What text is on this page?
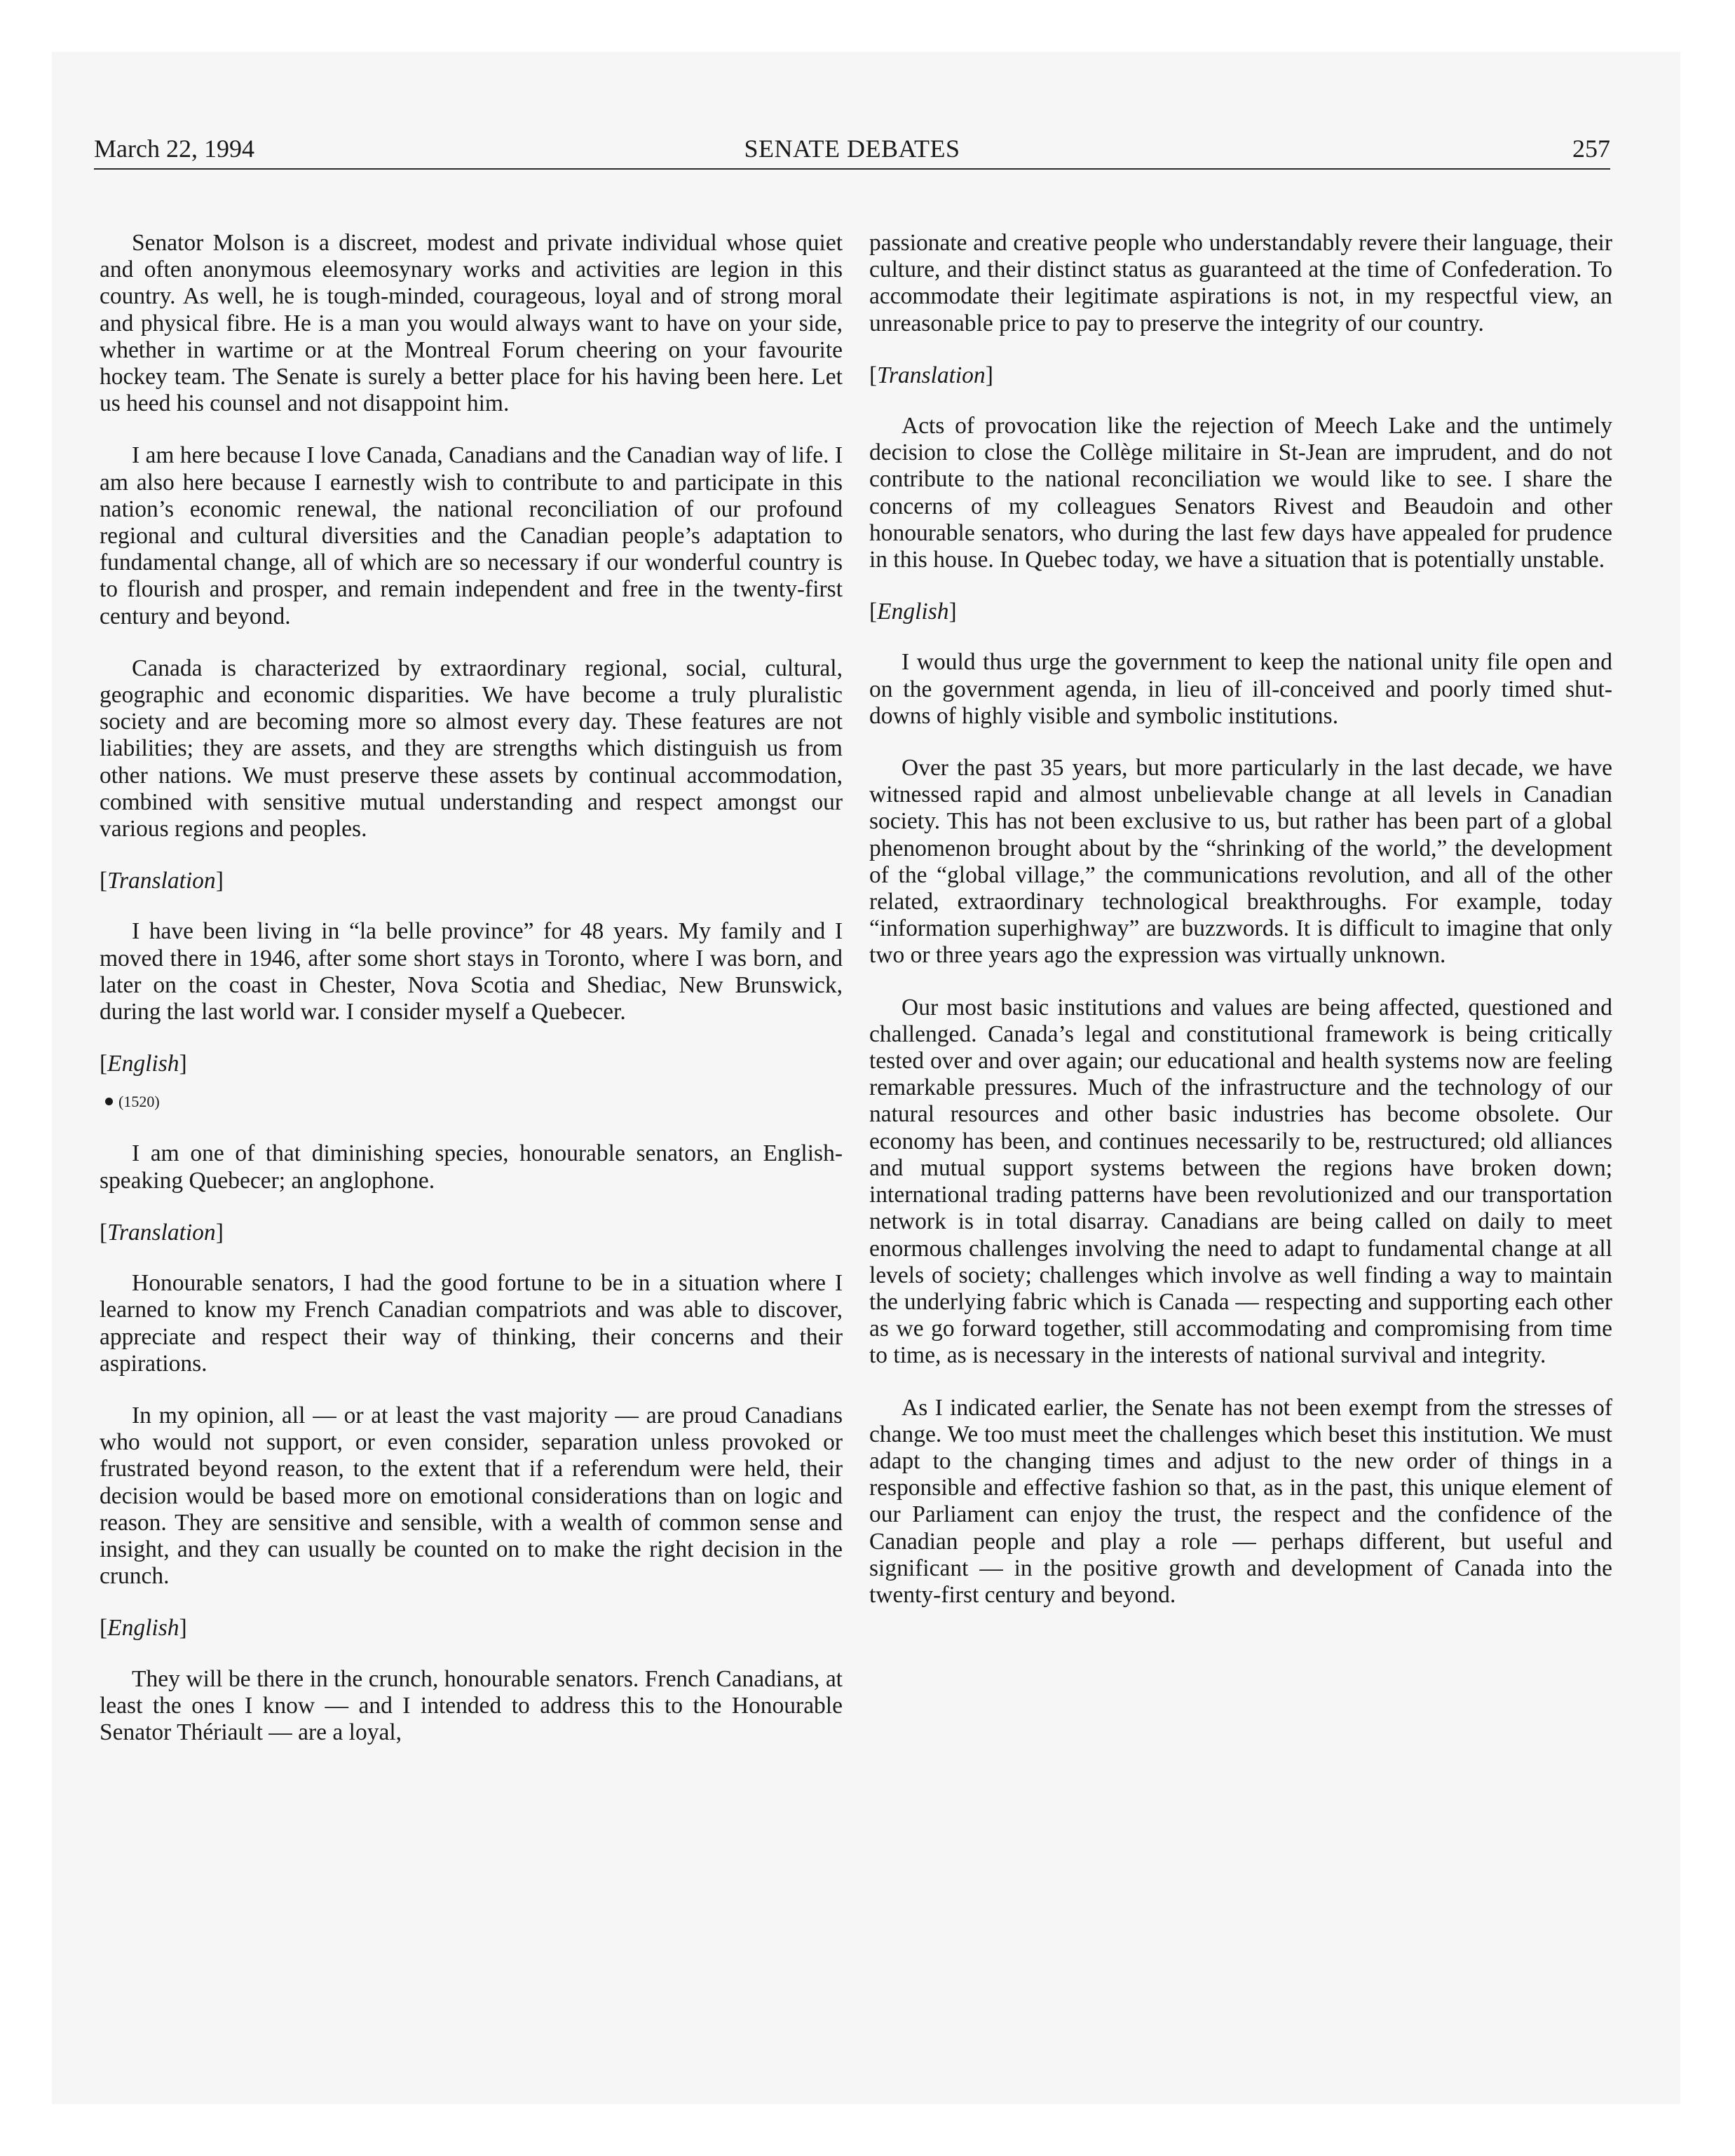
March 22, 1994	SENATE DEBATES	257

Senator Molson is a discreet, modest and private individual whose quiet and often anonymous eleemosynary works and activities are legion in this country. As well, he is tough-minded, courageous, loyal and of strong moral and physical fibre. He is a man you would always want to have on your side, whether in wartime or at the Montreal Forum cheering on your favourite hockey team. The Senate is surely a better place for his having been here. Let us heed his counsel and not disappoint him.

I am here because I love Canada, Canadians and the Canadian way of life. I am also here because I earnestly wish to contribute to and participate in this nation’s economic renewal, the national reconciliation of our profound regional and cultural diversities and the Canadian people’s adaptation to fundamental change, all of which are so necessary if our wonderful country is to flourish and prosper, and remain independent and free in the twenty-first century and beyond.

Canada is characterized by extraordinary regional, social, cultural, geographic and economic disparities. We have become a truly pluralistic society and are becoming more so almost every day. These features are not liabilities; they are assets, and they are strengths which distinguish us from other nations. We must preserve these assets by continual accommodation, combined with sensitive mutual understanding and respect amongst our various regions and peoples.

[Translation]

I have been living in “la belle province” for 48 years. My family and I moved there in 1946, after some short stays in Toronto, where I was born, and later on the coast in Chester, Nova Scotia and Shediac, New Brunswick, during the last world war. I consider myself a Quebecer.

[English]

(1520)

I am one of that diminishing species, honourable senators, an English-speaking Quebecer; an anglophone.

[Translation]

Honourable senators, I had the good fortune to be in a situation where I learned to know my French Canadian compatriots and was able to discover, appreciate and respect their way of thinking, their concerns and their aspirations.

In my opinion, all — or at least the vast majority — are proud Canadians who would not support, or even consider, separation unless provoked or frustrated beyond reason, to the extent that if a referendum were held, their decision would be based more on emotional considerations than on logic and reason. They are sensitive and sensible, with a wealth of common sense and insight, and they can usually be counted on to make the right decision in the crunch.

[English]

They will be there in the crunch, honourable senators. French Canadians, at least the ones I know — and I intended to address this to the Honourable Senator Thériault — are a loyal,

passionate and creative people who understandably revere their language, their culture, and their distinct status as guaranteed at the time of Confederation. To accommodate their legitimate aspirations is not, in my respectful view, an unreasonable price to pay to preserve the integrity of our country.

[Translation]

Acts of provocation like the rejection of Meech Lake and the untimely decision to close the Collège militaire in St-Jean are imprudent, and do not contribute to the national reconciliation we would like to see. I share the concerns of my colleagues Senators Rivest and Beaudoin and other honourable senators, who during the last few days have appealed for prudence in this house. In Quebec today, we have a situation that is potentially unstable.

[English]

I would thus urge the government to keep the national unity file open and on the government agenda, in lieu of ill-conceived and poorly timed shut-downs of highly visible and symbolic institutions.

Over the past 35 years, but more particularly in the last decade, we have witnessed rapid and almost unbelievable change at all levels in Canadian society. This has not been exclusive to us, but rather has been part of a global phenomenon brought about by the “shrinking of the world,” the development of the “global village,” the communications revolution, and all of the other related, extraordinary technological breakthroughs. For example, today “information superhighway” are buzzwords. It is difficult to imagine that only two or three years ago the expression was virtually unknown.

Our most basic institutions and values are being affected, questioned and challenged. Canada’s legal and constitutional framework is being critically tested over and over again; our educational and health systems now are feeling remarkable pressures. Much of the infrastructure and the technology of our natural resources and other basic industries has become obsolete. Our economy has been, and continues necessarily to be, restructured; old alliances and mutual support systems between the regions have broken down; international trading patterns have been revolutionized and our transportation network is in total disarray. Canadians are being called on daily to meet enormous challenges involving the need to adapt to fundamental change at all levels of society; challenges which involve as well finding a way to maintain the underlying fabric which is Canada — respecting and supporting each other as we go forward together, still accommodating and compromising from time to time, as is necessary in the interests of national survival and integrity.

As I indicated earlier, the Senate has not been exempt from the stresses of change. We too must meet the challenges which beset this institution. We must adapt to the changing times and adjust to the new order of things in a responsible and effective fashion so that, as in the past, this unique element of our Parliament can enjoy the trust, the respect and the confidence of the Canadian people and play a role — perhaps different, but useful and significant — in the positive growth and development of Canada into the twenty-first century and beyond.
